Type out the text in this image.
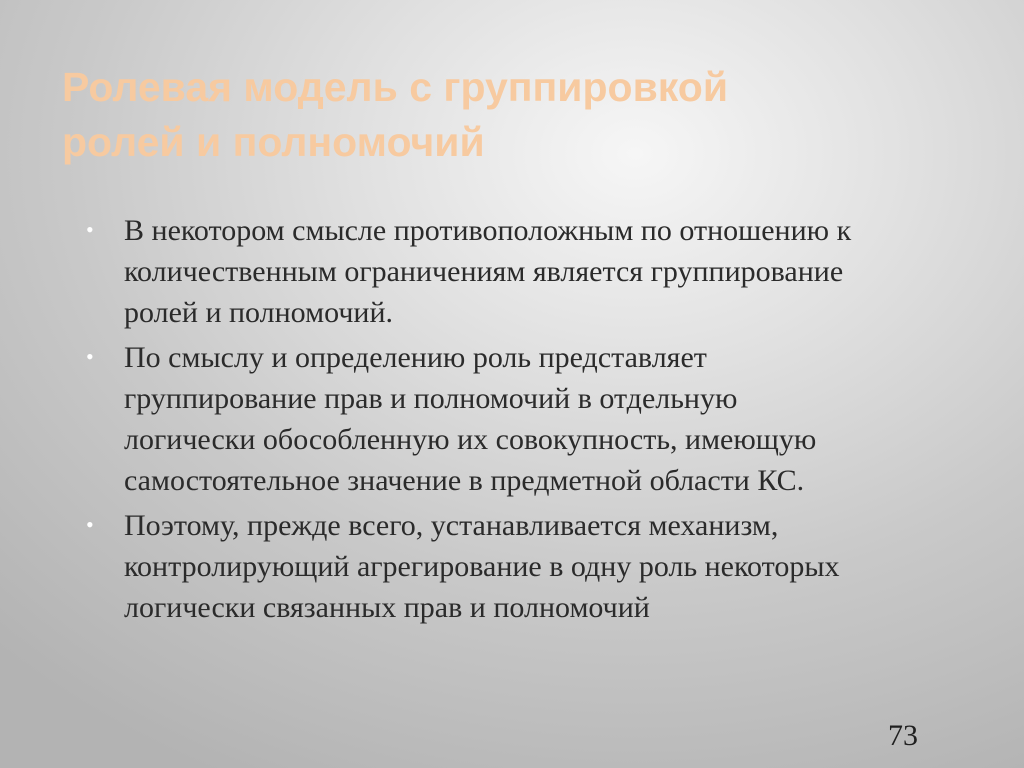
Ролевая модель с группировкой
ролей и полномочий
• В некотором смысле противоположным по отношению к
количественным ограничениям является группирование
ролей и полномочий.
• По смыслу и определению роль представляет
группирование прав и полномочий в отдельную
логически обособленную их совокупность, имеющую
самостоятельное значение в предметной области КС.
• Поэтому, прежде всего, устанавливается механизм,
контролирующий агрегирование в одну роль некоторых
логически связанных прав и полномочий
73
